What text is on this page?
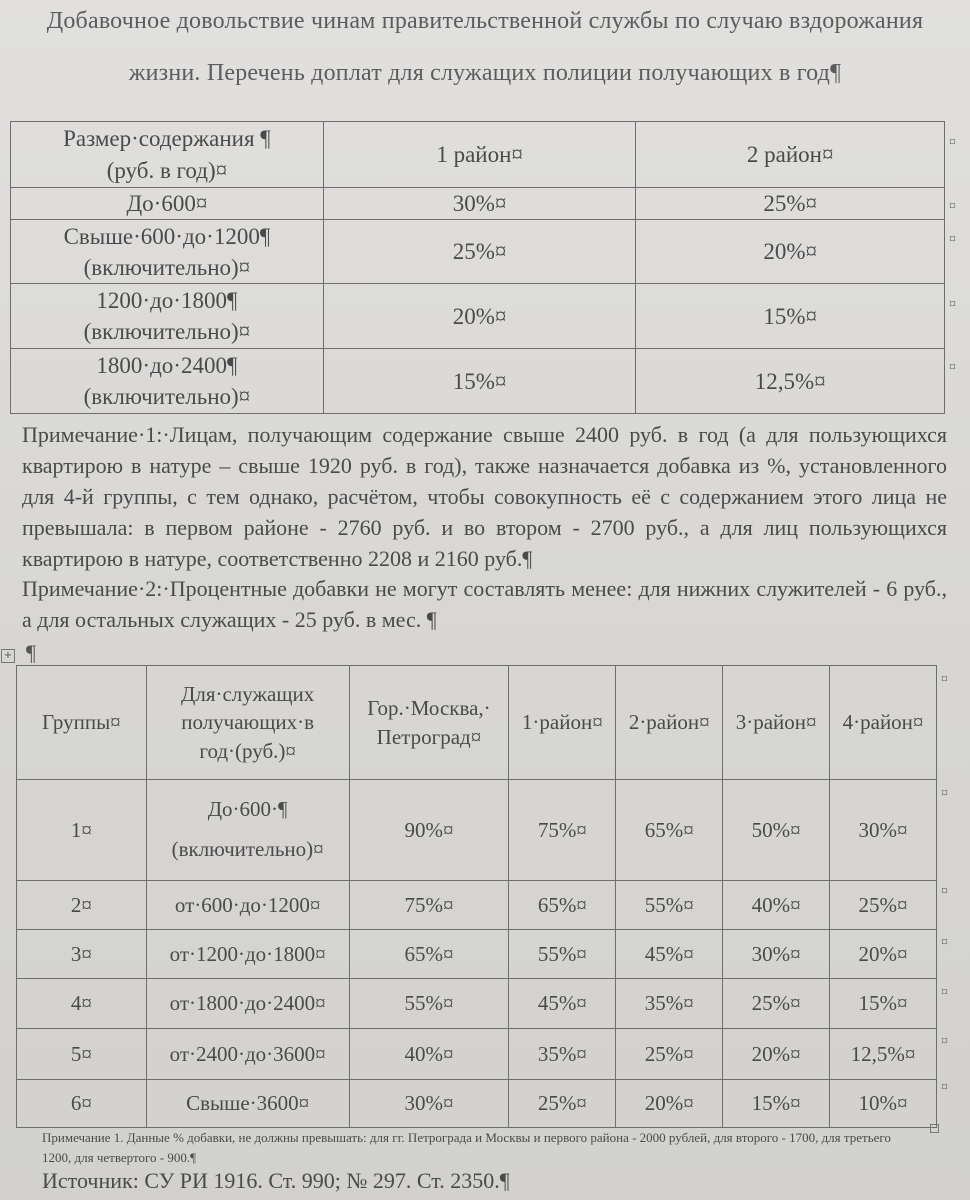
Добавочное довольствие чинам правительственной службы по случаю вздорожания
жизни. Перечень доплат для служащих полиции получающих в год¶
Размер·содержания ¶
(руб. в год)¤	1 район¤	2 район¤
До·600¤	30%¤	25%¤
Свыше·600·до·1200¶
(включительно)¤	25%¤	20%¤
1200·до·1800¶
(включительно)¤	20%¤	15%¤
1800·до·2400¶
(включительно)¤	15%¤	12,5%¤
¤
¤
¤
¤
¤
Примечание·1:·Лицам, получающим содержание свыше 2400 руб. в год (а для пользующихся квартирою в натуре – свыше 1920 руб. в год), также назначается добавка из %, установленного для 4-й группы, с тем однако, расчётом, чтобы совокупность её с содержанием этого лица не превышала: в первом районе - 2760 руб. и во втором - 2700 руб., а для лиц пользующихся квартирою в натуре, соответственно 2208 и 2160 руб.¶
Примечание·2:·Процентные добавки не могут составлять менее: для нижних служителей - 6 руб., а для остальных служащих - 25 руб. в мес. ¶
+ ¶
Группы¤	Для·служащих получающих·в год·(руб.)¤	Гор.·Москва,· Петроград¤	1·район¤	2·район¤	3·район¤	4·район¤
1¤	До·600·¶
(включительно)¤	90%¤	75%¤	65%¤	50%¤	30%¤
2¤	от·600·до·1200¤	75%¤	65%¤	55%¤	40%¤	25%¤
3¤	от·1200·до·1800¤	65%¤	55%¤	45%¤	30%¤	20%¤
4¤	от·1800·до·2400¤	55%¤	45%¤	35%¤	25%¤	15%¤
5¤	от·2400·до·3600¤	40%¤	35%¤	25%¤	20%¤	12,5%¤
6¤	Свыше·3600¤	30%¤	25%¤	20%¤	15%¤	10%¤
¤
¤
¤
¤
¤
¤
¤
Примечание 1. Данные % добавки, не должны превышать: для гг. Петрограда и Москвы и первого района - 2000 рублей, для второго - 1700, для третьего 1200, для четвертого - 900.¶
Источник: СУ РИ 1916. Ст. 990; № 297. Ст. 2350.¶
